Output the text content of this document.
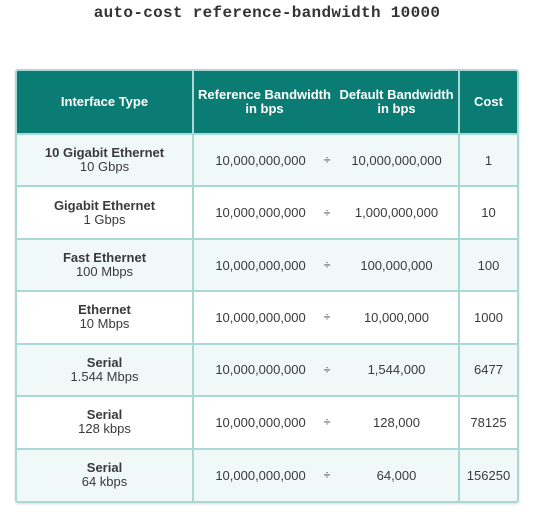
auto-cost reference-bandwidth 10000
Interface Type	Reference Bandwidth in bps		Default Bandwidth in bps	Cost

10 Gigabit Ethernet
10 Gbps	10,000,000,000	÷	10,000,000,000	1

Gigabit Ethernet
1 Gbps	10,000,000,000	÷	1,000,000,000	10

Fast Ethernet
100 Mbps	10,000,000,000	÷	100,000,000	100

Ethernet
10 Mbps	10,000,000,000	÷	10,000,000	1000

Serial
1.544 Mbps	10,000,000,000	÷	1,544,000	6477

Serial
128 kbps	10,000,000,000	÷	128,000	78125

Serial
64 kbps	10,000,000,000	÷	64,000	156250
